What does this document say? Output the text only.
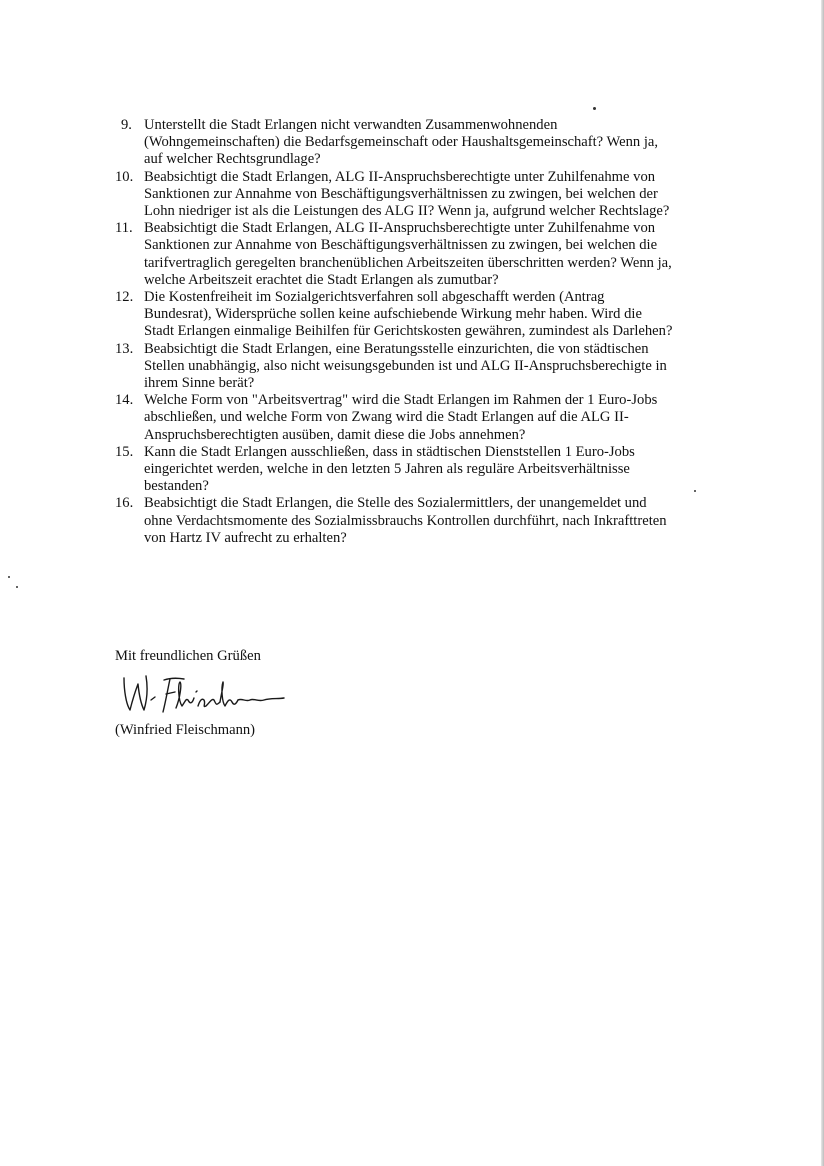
9. Unterstellt die Stadt Erlangen nicht verwandten Zusammenwohnenden
(Wohngemeinschaften) die Bedarfsgemeinschaft oder Haushaltsgemeinschaft? Wenn ja,
auf welcher Rechtsgrundlage?
10. Beabsichtigt die Stadt Erlangen, ALG II-Anspruchsberechtigte unter Zuhilfenahme von
Sanktionen zur Annahme von Beschäftigungsverhältnissen zu zwingen, bei welchen der
Lohn niedriger ist als die Leistungen des ALG II? Wenn ja, aufgrund welcher Rechtslage?
11. Beabsichtigt die Stadt Erlangen, ALG II-Anspruchsberechtigte unter Zuhilfenahme von
Sanktionen zur Annahme von Beschäftigungsverhältnissen zu zwingen, bei welchen die
tarifvertraglich geregelten branchenüblichen Arbeitszeiten überschritten werden? Wenn ja,
welche Arbeitszeit erachtet die Stadt Erlangen als zumutbar?
12. Die Kostenfreiheit im Sozialgerichtsverfahren soll abgeschafft werden (Antrag
Bundesrat), Widersprüche sollen keine aufschiebende Wirkung mehr haben. Wird die
Stadt Erlangen einmalige Beihilfen für Gerichtskosten gewähren, zumindest als Darlehen?
13. Beabsichtigt die Stadt Erlangen, eine Beratungsstelle einzurichten, die von städtischen
Stellen unabhängig, also nicht weisungsgebunden ist und ALG II-Anspruchsberechigte in
ihrem Sinne berät?
14. Welche Form von "Arbeitsvertrag" wird die Stadt Erlangen im Rahmen der 1 Euro-Jobs
abschließen, und welche Form von Zwang wird die Stadt Erlangen auf die ALG II-
Anspruchsberechtigten ausüben, damit diese die Jobs annehmen?
15. Kann die Stadt Erlangen ausschließen, dass in städtischen Dienststellen 1 Euro-Jobs
eingerichtet werden, welche in den letzten 5 Jahren als reguläre Arbeitsverhältnisse
bestanden?
16. Beabsichtigt die Stadt Erlangen, die Stelle des Sozialermittlers, der unangemeldet und
ohne Verdachtsmomente des Sozialmissbrauchs Kontrollen durchführt, nach Inkrafttreten
von Hartz IV aufrecht zu erhalten?
Mit freundlichen Grüßen
(Winfried Fleischmann)
